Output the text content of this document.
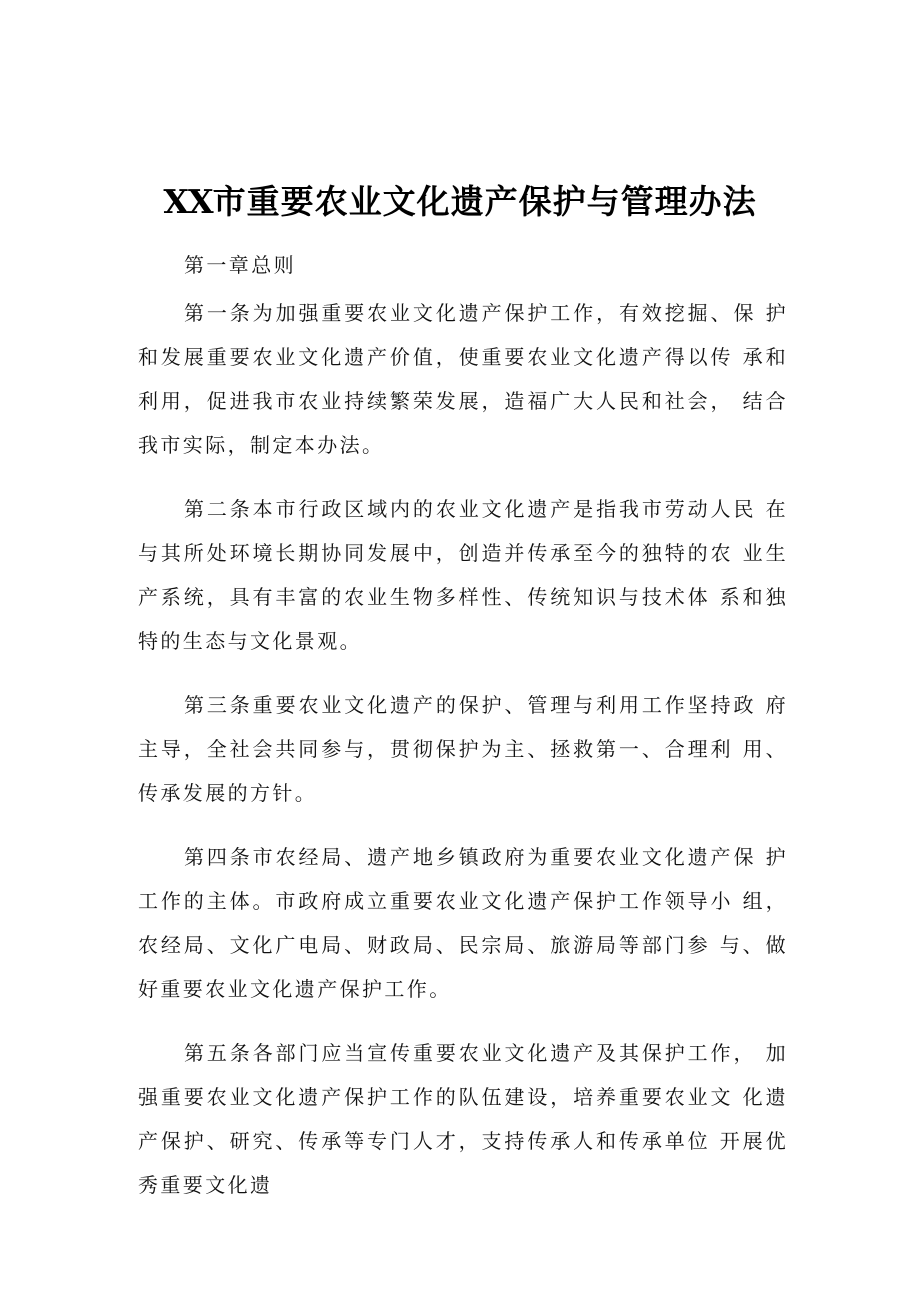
XX市重要农业文化遗产保护与管理办法

第一章总则

第一条为加强重要农业文化遗产保护工作，有效挖掘、保 护和发展重要农业文化遗产价值，使重要农业文化遗产得以传 承和利用，促进我市农业持续繁荣发展，造福广大人民和社会， 结合我市实际，制定本办法。

第二条本市行政区域内的农业文化遗产是指我市劳动人民 在与其所处环境长期协同发展中，创造并传承至今的独特的农 业生产系统，具有丰富的农业生物多样性、传统知识与技术体 系和独特的生态与文化景观。

第三条重要农业文化遗产的保护、管理与利用工作坚持政 府主导，全社会共同参与，贯彻保护为主、拯救第一、合理利 用、传承发展的方针。

第四条市农经局、遗产地乡镇政府为重要农业文化遗产保 护工作的主体。市政府成立重要农业文化遗产保护工作领导小 组，农经局、文化广电局、财政局、民宗局、旅游局等部门参 与、做好重要农业文化遗产保护工作。

第五条各部门应当宣传重要农业文化遗产及其保护工作， 加强重要农业文化遗产保护工作的队伍建设，培养重要农业文 化遗产保护、研究、传承等专门人才，支持传承人和传承单位 开展优秀重要文化遗
